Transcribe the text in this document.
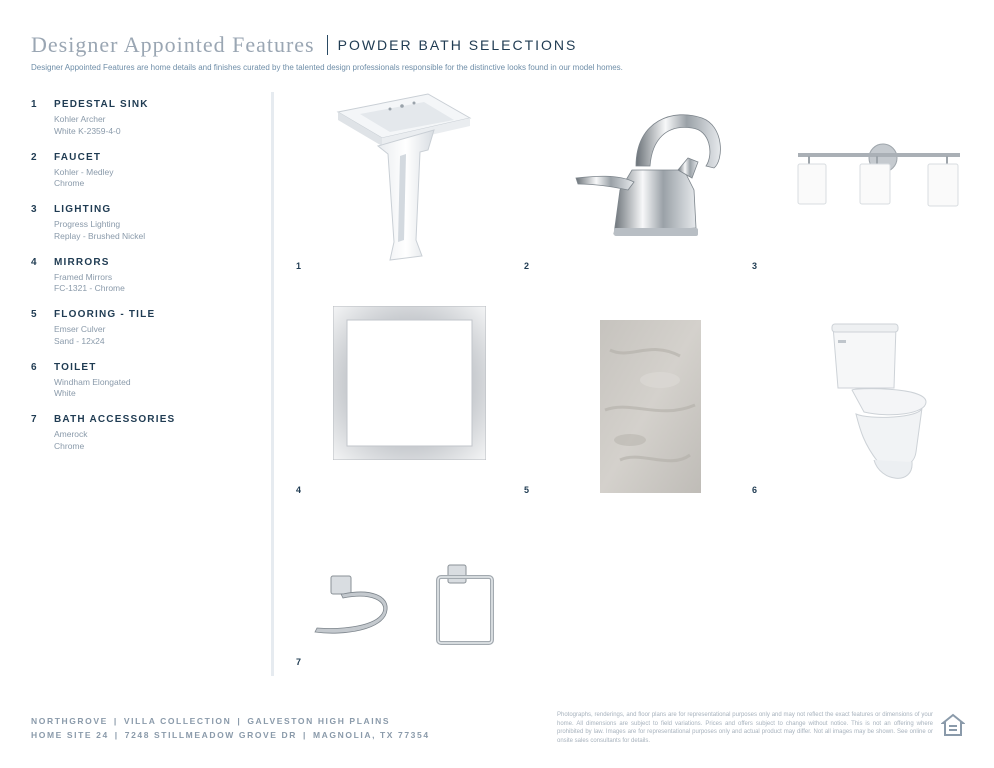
Designer Appointed Features POWDER BATH SELECTIONS
Designer Appointed Features are home details and finishes curated by the talented design professionals responsible for the distinctive looks found in our model homes.
1 PEDESTAL SINK
Kohler Archer
White K-2359-4-0
2 FAUCET
Kohler - Medley
Chrome
3 LIGHTING
Progress Lighting
Replay - Brushed Nickel
4 MIRRORS
Framed Mirrors
FC-1321 - Chrome
5 FLOORING - TILE
Emser Culver
Sand - 12x24
6 TOILET
Windham Elongated
White
7 BATH ACCESSORIES
Amerock
Chrome
1	2	3
4	5	6
7
NORTHGROVE | VILLA COLLECTION | GALVESTON HIGH PLAINS
HOME SITE 24 | 7248 STILLMEADOW GROVE DR | MAGNOLIA, TX 77354
Photographs, renderings, and floor plans are for representational purposes only and may not reflect the exact features or dimensions of your home. All dimensions are subject to field variations. Prices and offers subject to change without notice. This is not an offering where prohibited by law. Images are for representational purposes only and actual product may differ. Not all images may be shown. See online or onsite sales consultants for details.
